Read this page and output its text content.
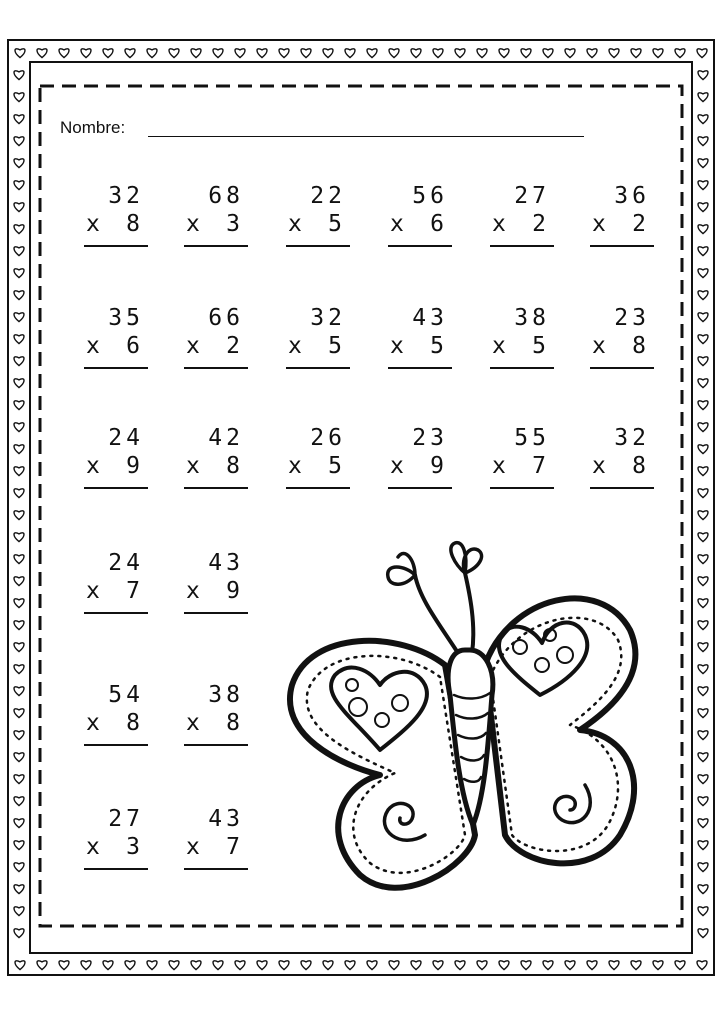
Nombre:
32
x 8
68
x 3
22
x 5
56
x 6
27
x 2
36
x 2
35
x 6
66
x 2
32
x 5
43
x 5
38
x 5
23
x 8
24
x 9
42
x 8
26
x 5
23
x 9
55
x 7
32
x 8
24
x 7
43
x 9
54
x 8
38
x 8
27
x 3
43
x 7
